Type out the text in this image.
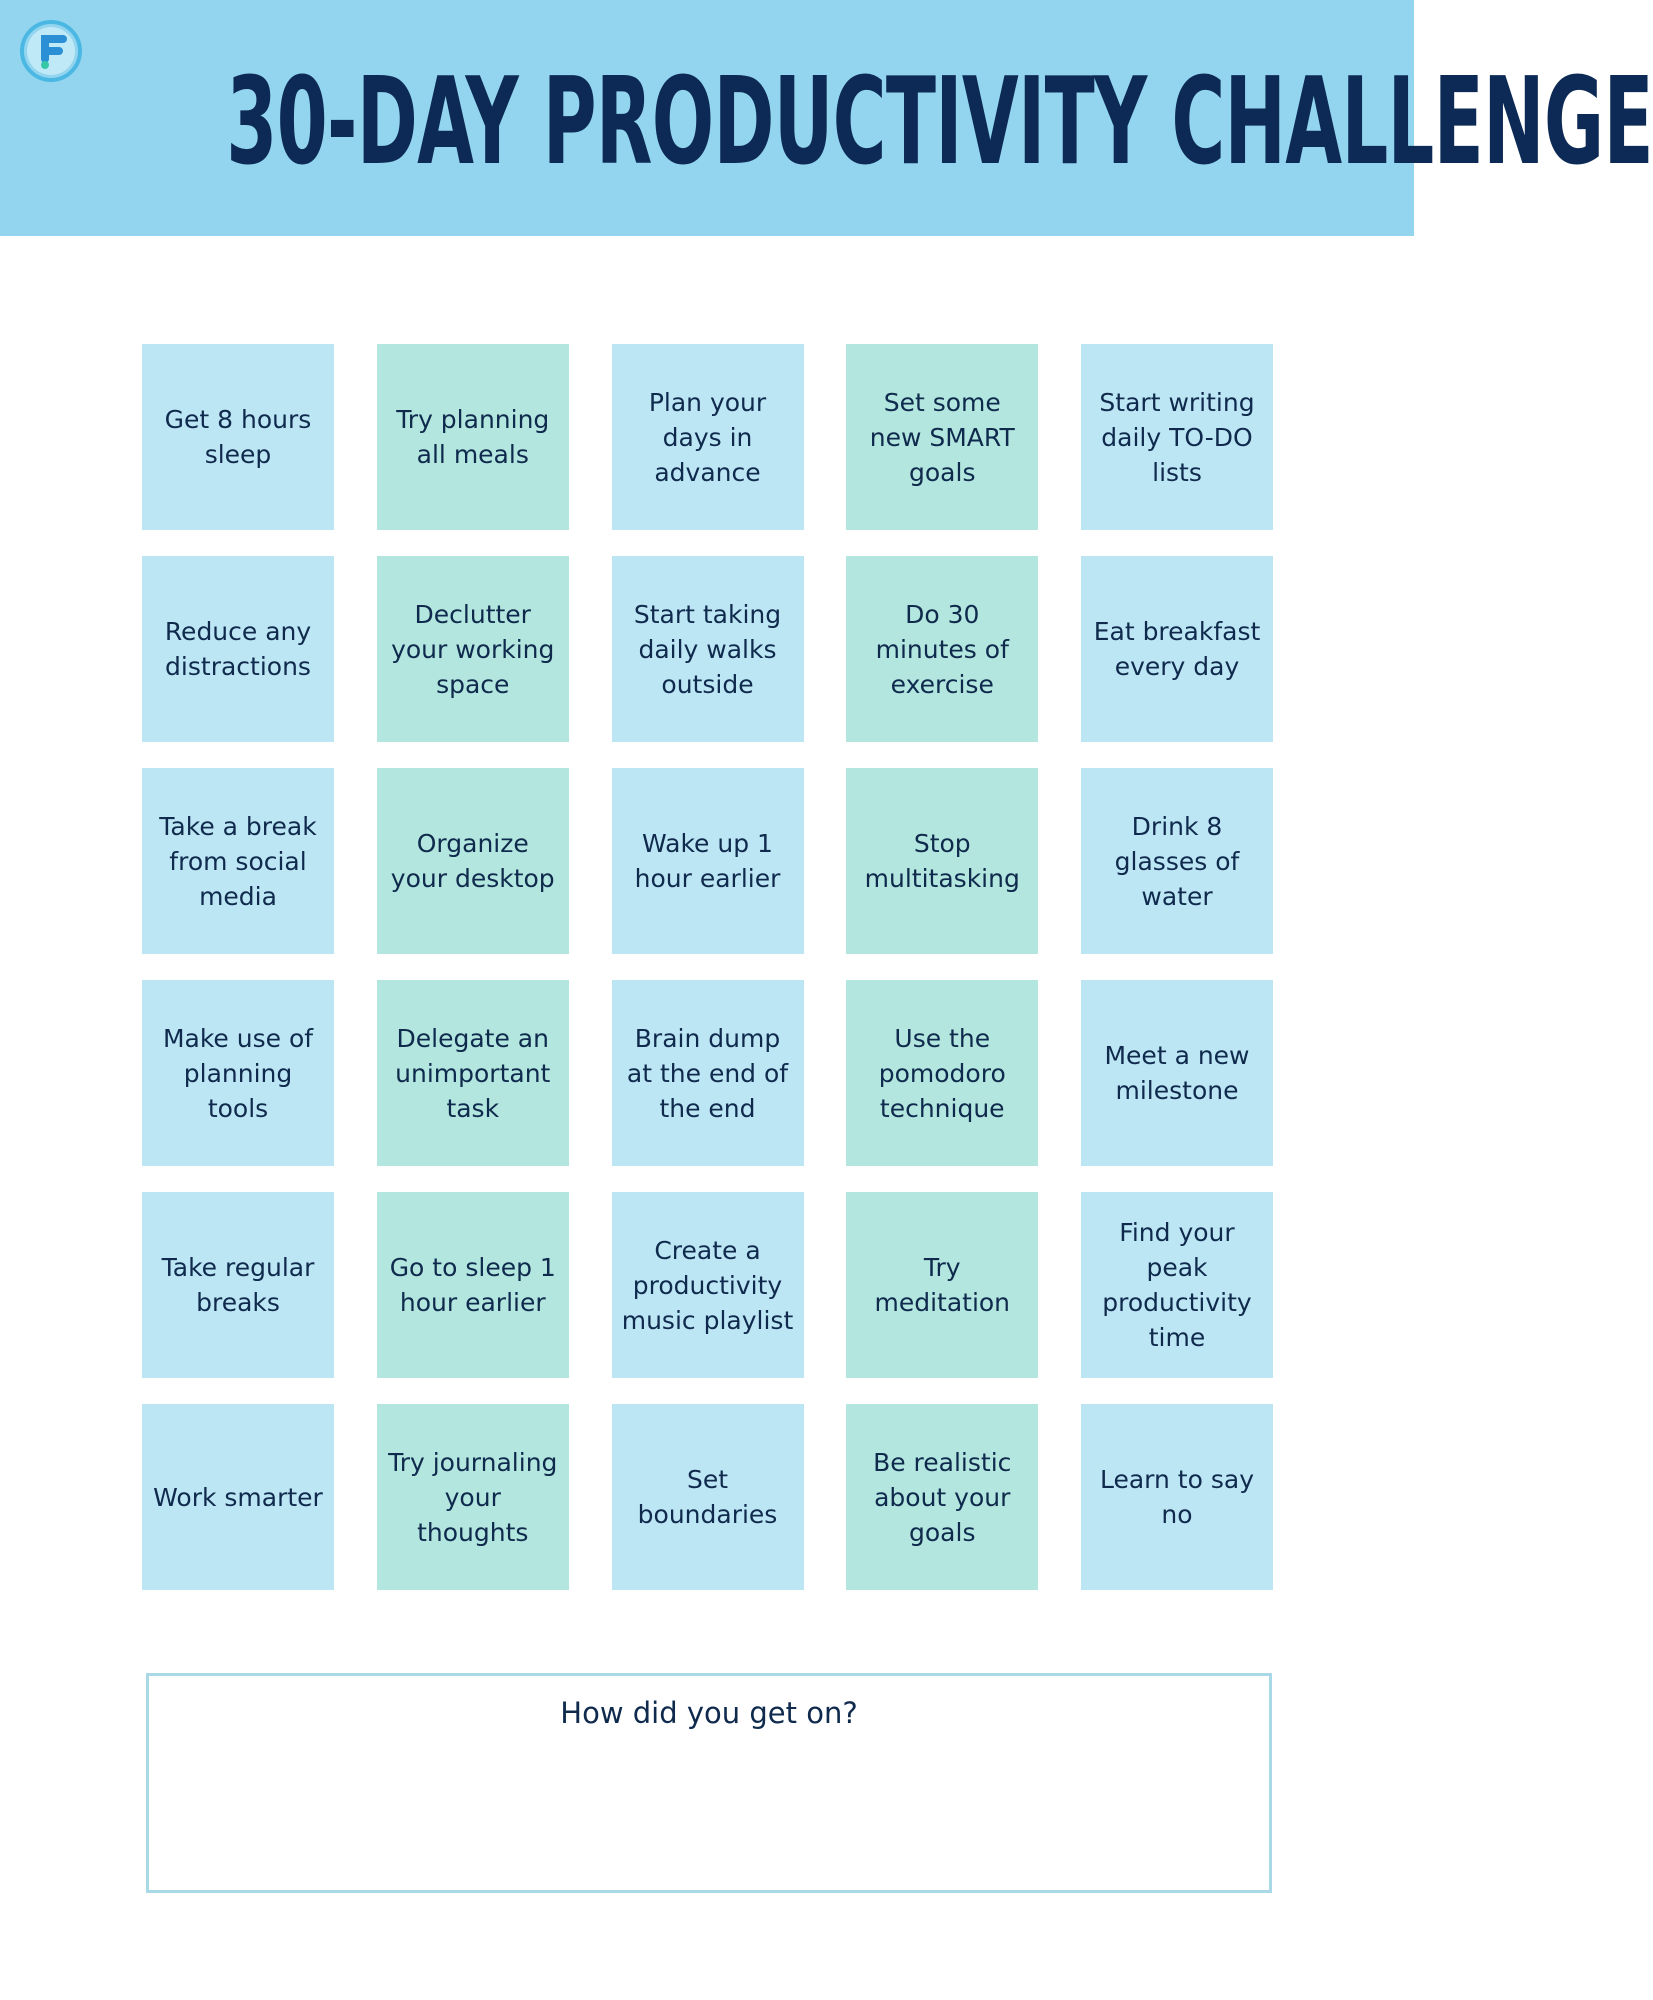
30-DAY PRODUCTIVITY CHALLENGE
Get 8 hours sleep
Try planning all meals
Plan your days in advance
Set some new SMART goals
Start writing daily TO-DO lists
Reduce any distractions
Declutter your working space
Start taking daily walks outside
Do 30 minutes of exercise
Eat breakfast every day
Take a break from social media
Organize your desktop
Wake up 1 hour earlier
Stop multitasking
Drink 8 glasses of water
Make use of planning tools
Delegate an unimportant task
Brain dump at the end of the end
Use the pomodoro technique
Meet a new milestone
Take regular breaks
Go to sleep 1 hour earlier
Create a productivity music playlist
Try meditation
Find your peak productivity time
Work smarter
Try journaling your thoughts
Set boundaries
Be realistic about your goals
Learn to say no
How did you get on?
